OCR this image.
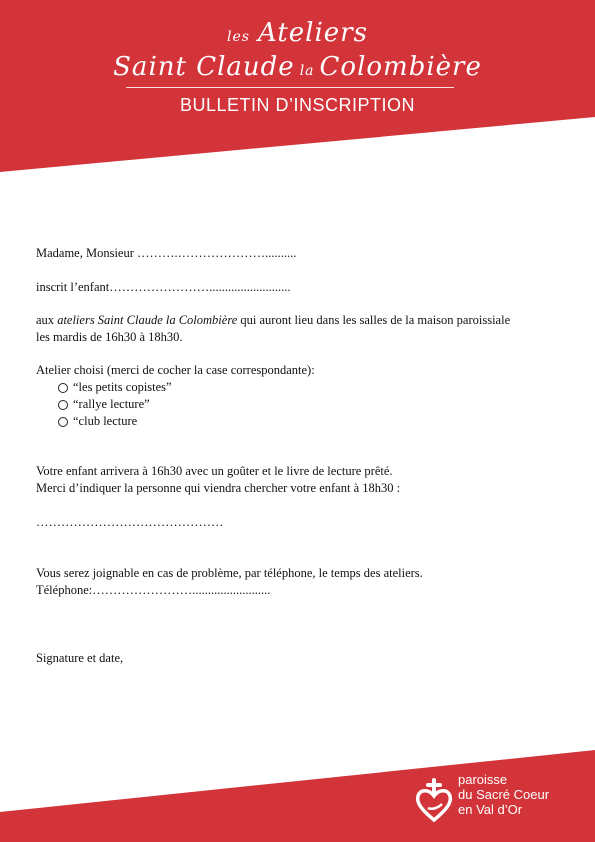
les Ateliers
Saint Claude la Colombière
BULLETIN D’INSCRIPTION
Madame, Monsieur ……….…………………..........
inscrit l’enfant……………………..........................

aux ateliers Saint Claude la Colombière qui auront lieu dans les salles de la maison paroissiale

les mardis de 16h30 à 18h30.

Atelier choisi (merci de cocher la case correspondante):

“les petits copistes”
“rallye lecture”
“club lecture

Votre enfant arrivera à 16h30 avec un goûter et le livre de lecture prêté.

Merci d’indiquer la personne qui viendra chercher votre enfant à 18h30 :

………………………………………

Vous serez joignable en cas de problème, par téléphone, le temps des ateliers.

Téléphone:…………………….........................

Signature et date,
paroisse
du Sacré Coeur
en Val d’Or
